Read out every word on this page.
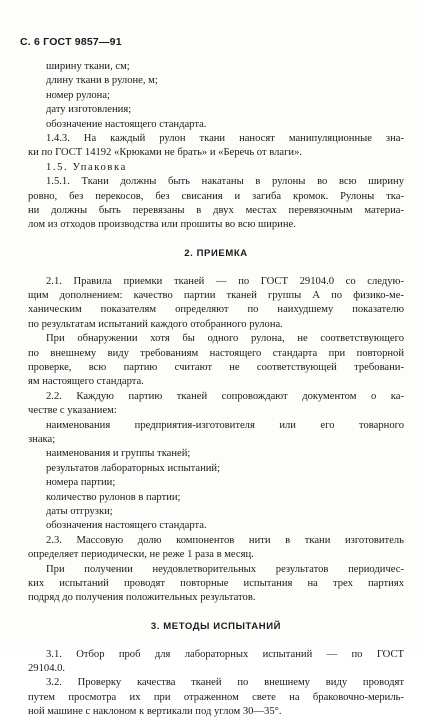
С. 6 ГОСТ 9857—91
ширину ткани, см;
длину ткани в рулоне, м;
номер рулона;
дату изготовления;
обозначение настоящего стандарта.
1.4.3. На каждый рулон ткани наносят манипуляционные зна-
ки по ГОСТ 14192 «Крюками не брать» и «Беречь от влаги».
1.5. Упаковка
1.5.1. Ткани должны быть накатаны в рулоны во всю ширину
ровно, без перекосов, без свисания и загиба кромок. Рулоны тка-
ни должны быть перевязаны в двух местах перевязочным материа-
лом из отходов производства или прошиты во всю ширине.
2. ПРИЕМКА
2.1. Правила приемки тканей — по ГОСТ 29104.0 со следую-
щим дополнением: качество партии тканей группы А по физико-ме-
ханическим показателям определяют по наихудшему показателю
по результатам испытаний каждого отобранного рулона.
При обнаружении хотя бы одного рулона, не соответствующего
по внешнему виду требованиям настоящего стандарта при повторной
проверке, всю партию считают не соответствующей требовани-
ям настоящего стандарта.
2.2. Каждую партию тканей сопровождают документом о ка-
честве с указанием:
наименования предприятия-изготовителя или его товарного
знака;
наименования и группы тканей;
результатов лабораторных испытаний;
номера партии;
количество рулонов в партии;
даты отгрузки;
обозначения настоящего стандарта.
2.3. Массовую долю компонентов нити в ткани изготовитель
определяет периодически, не реже 1 раза в месяц.
При получении неудовлетворительных результатов периодичес-
ких испытаний проводят повторные испытания на трех партиях
подряд до получения положительных результатов.
3. МЕТОДЫ ИСПЫТАНИЙ
3.1. Отбор проб для лабораторных испытаний — по ГОСТ
29104.0.
3.2. Проверку качества тканей по внешнему виду проводят
путем просмотра их при отраженном свете на браковочно-мериль-
ной машине с наклоном к вертикали под углом 30—35°.
